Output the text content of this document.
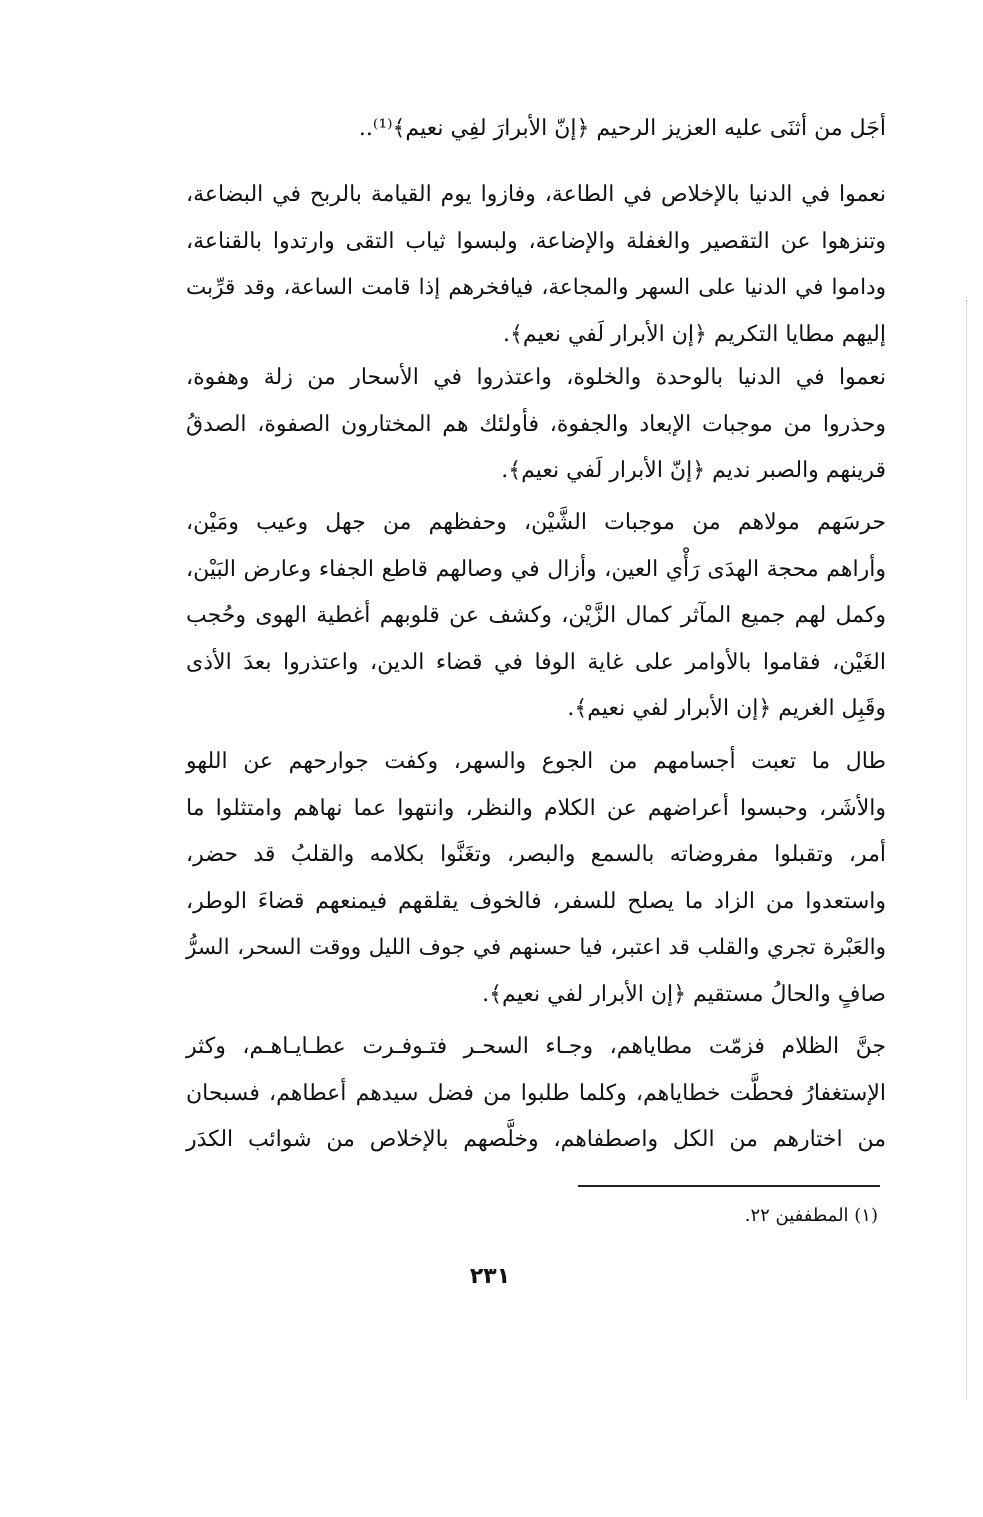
أجَل من أثنَى عليه العزيز الرحيم ﴿إنّ الأبرارَ لفِي نعيم﴾⁽¹⁾..
نعموا في الدنيا بالإخلاص في الطاعة، وفازوا يوم القيامة بالربح في البضاعة،
وتنزهوا عن التقصير والغفلة والإضاعة، ولبسوا ثياب التقى وارتدوا بالقناعة،
وداموا في الدنيا على السهر والمجاعة، فيافخرهم إذا قامت الساعة، وقد قرِّبت
إليهم مطايا التكريم ﴿إن الأبرار لَفي نعيم﴾.
نعموا في الدنيا بالوحدة والخلوة، واعتذروا في الأسحار من زلة وهفوة،
وحذروا من موجبات الإبعاد والجفوة، فأولئك هم المختارون الصفوة، الصدقُ
قرينهم والصبر نديم ﴿إنّ الأبرار لَفي نعيم﴾.
حرسَهم مولاهم من موجبات الشَّيْن، وحفظهم من جهل وعيب ومَيْن،
وأراهم محجة الهدَى رَأْي العين، وأزال في وصالهم قاطع الجفاء وعارض البَيْن،
وكمل لهم جميع المآثر كمال الزَّيْن، وكشف عن قلوبهم أغطية الهوى وحُجب
الغَيْن، فقاموا بالأوامر على غاية الوفا في قضاء الدين، واعتذروا بعدَ الأذى
وقَبِل الغريم ﴿إن الأبرار لفي نعيم﴾.
طال ما تعبت أجسامهم من الجوع والسهر، وكفت جوارحهم عن اللهو
والأشَر، وحبسوا أعراضهم عن الكلام والنظر، وانتهوا عما نهاهم وامتثلوا ما
أمر، وتقبلوا مفروضاته بالسمع والبصر، وتغَنَّوا بكلامه والقلبُ قد حضر،
واستعدوا من الزاد ما يصلح للسفر، فالخوف يقلقهم فيمنعهم قضاءَ الوطر،
والعَبْرة تجري والقلب قد اعتبر، فيا حسنهم في جوف الليل ووقت السحر، السرُّ
صافٍ والحالُ مستقيم ﴿إن الأبرار لفي نعيم﴾.
جنَّ الظلام فزمّت مطاياهم، وجـاء السحـر فتـوفـرت عطـايـاهـم، وكثر
الإستغفارُ فحطَّت خطاياهم، وكلما طلبوا من فضل سيدهم أعطاهم، فسبحان
من اختارهم من الكل واصطفاهم، وخلَّصهم بالإخلاص من شوائب الكدَر
(١) المطففين ٢٢.
٢٣١
